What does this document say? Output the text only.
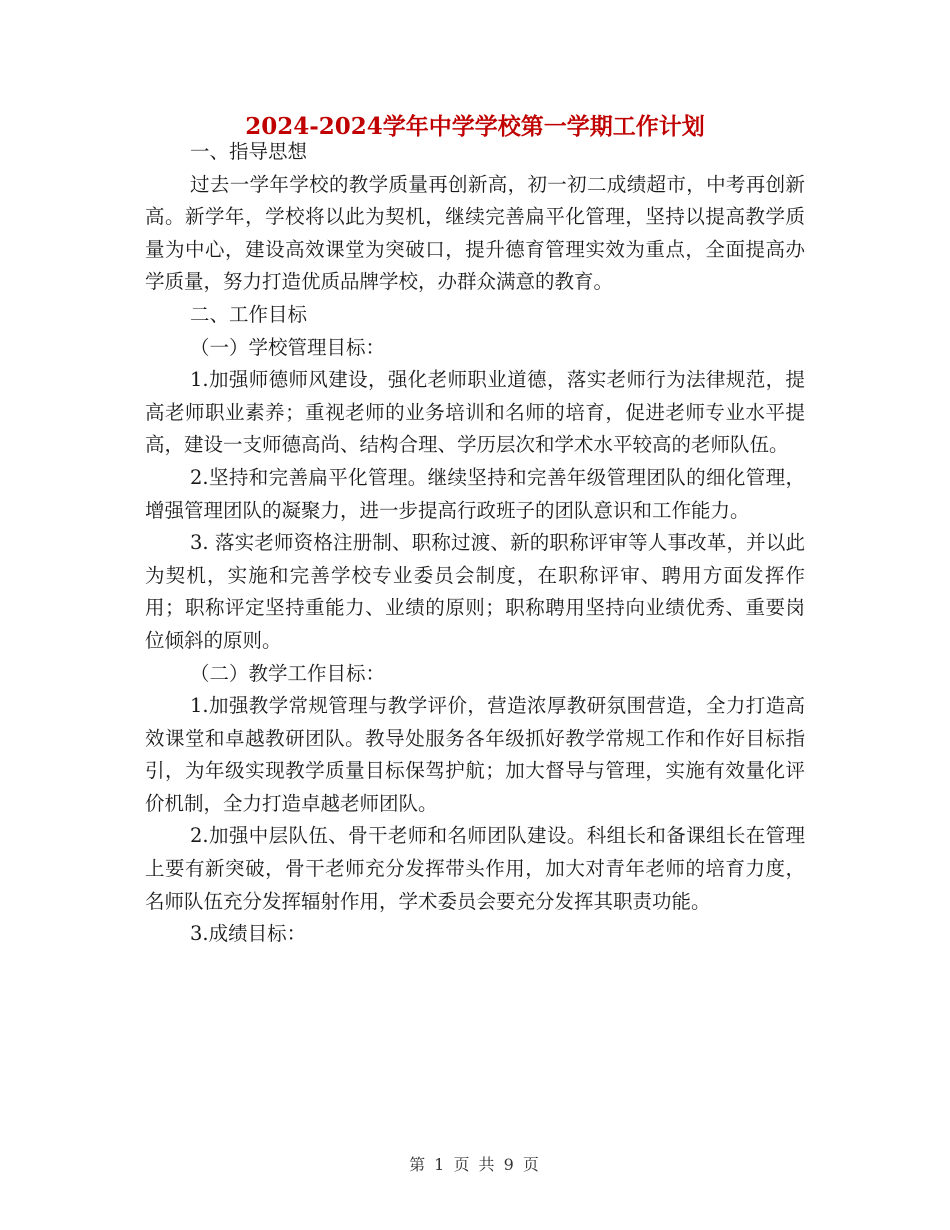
2024-2024学年中学学校第一学期工作计划

一、指导思想

过去一学年学校的教学质量再创新高，初一初二成绩超市，中考再创新高。新学年，学校将以此为契机，继续完善扁平化管理，坚持以提高教学质量为中心，建设高效课堂为突破口，提升德育管理实效为重点，全面提高办学质量，努力打造优质品牌学校，办群众满意的教育。

二、工作目标

（一）学校管理目标：

1.加强师德师风建设，强化老师职业道德，落实老师行为法律规范，提高老师职业素养；重视老师的业务培训和名师的培育，促进老师专业水平提高，建设一支师德高尚、结构合理、学历层次和学术水平较高的老师队伍。

2.坚持和完善扁平化管理。继续坚持和完善年级管理团队的细化管理，增强管理团队的凝聚力，进一步提高行政班子的团队意识和工作能力。

3. 落实老师资格注册制、职称过渡、新的职称评审等人事改革，并以此为契机，实施和完善学校专业委员会制度，在职称评审、聘用方面发挥作用；职称评定坚持重能力、业绩的原则；职称聘用坚持向业绩优秀、重要岗位倾斜的原则。

（二）教学工作目标：

1.加强教学常规管理与教学评价，营造浓厚教研氛围营造，全力打造高效课堂和卓越教研团队。教导处服务各年级抓好教学常规工作和作好目标指引，为年级实现教学质量目标保驾护航；加大督导与管理，实施有效量化评价机制，全力打造卓越老师团队。

2.加强中层队伍、骨干老师和名师团队建设。科组长和备课组长在管理上要有新突破，骨干老师充分发挥带头作用，加大对青年老师的培育力度，名师队伍充分发挥辐射作用，学术委员会要充分发挥其职责功能。

3.成绩目标：

第 1 页 共 9 页
